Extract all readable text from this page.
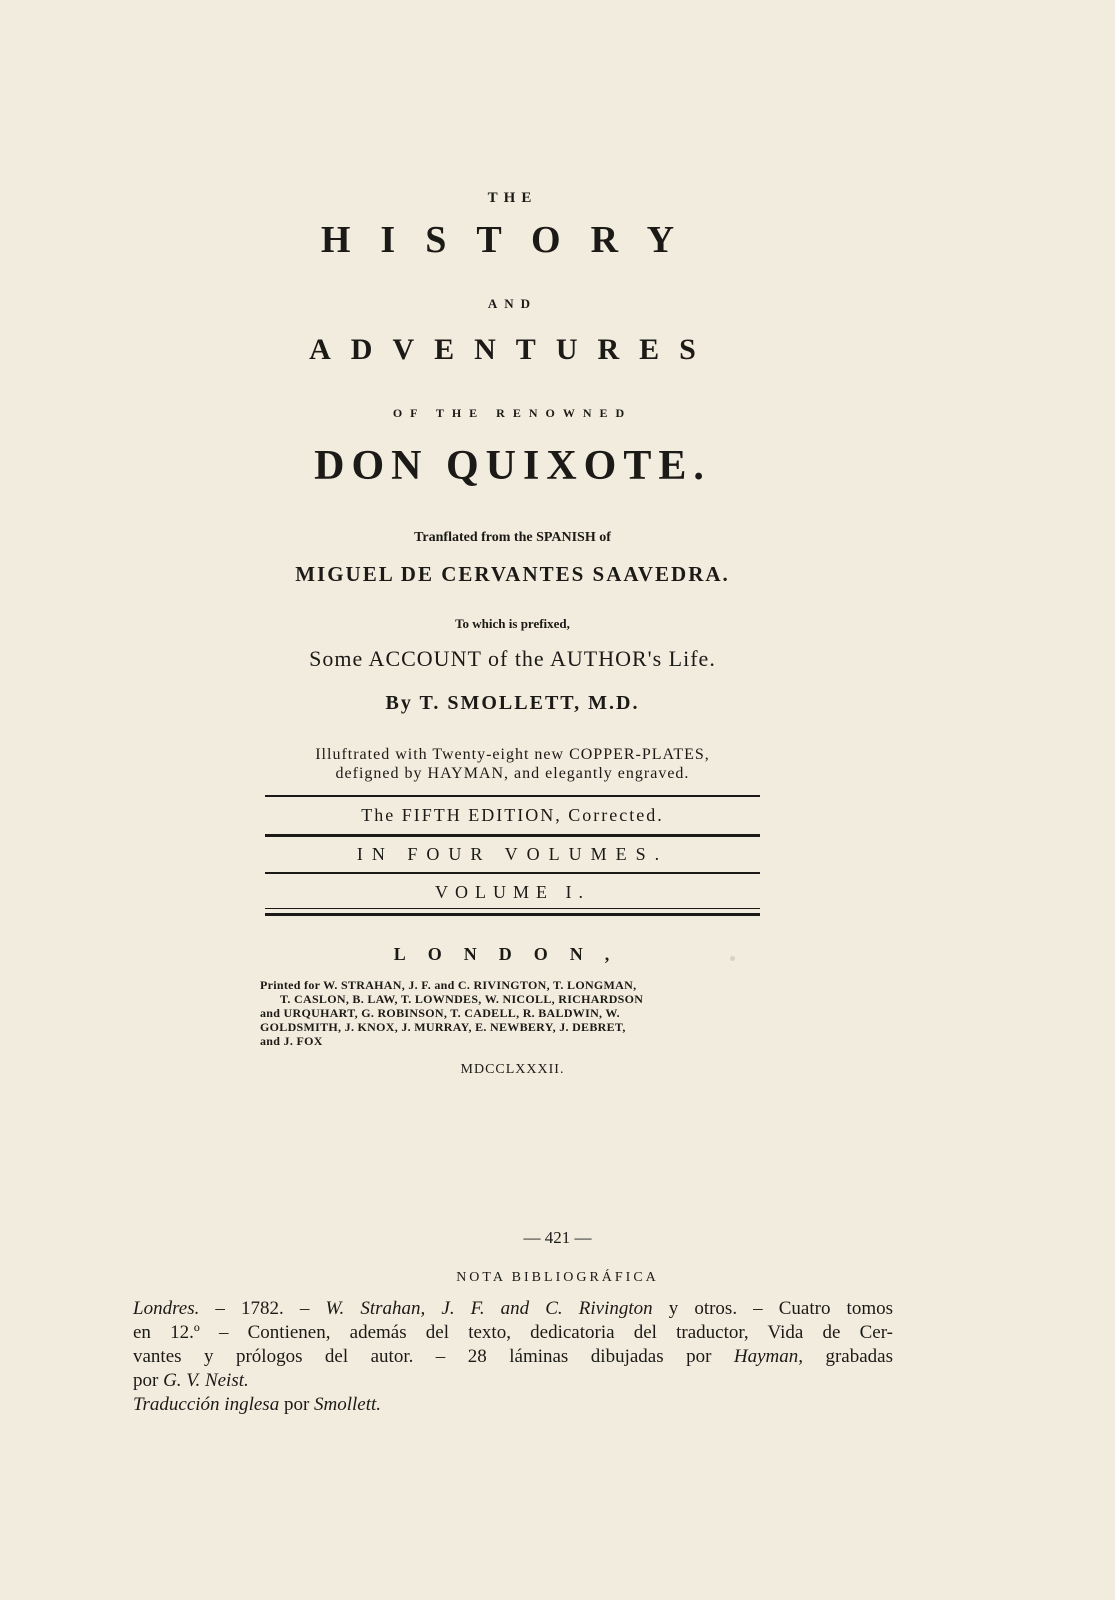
THE
HISTORY
AND
ADVENTURES
OF THE RENOWNED
DON QUIXOTE.
Tranflated from the SPANISH of
MIGUEL DE CERVANTES SAAVEDRA.
To which is prefixed,
Some ACCOUNT of the AUTHOR's Life.
By T. SMOLLETT, M.D.
Illuftrated with Twenty-eight new COPPER-PLATES,
defigned by HAYMAN, and elegantly engraved.
The FIFTH EDITION, Corrected.
IN FOUR VOLUMES.
VOLUME I.
LONDON,
Printed for W. STRAHAN, J. F. and C. RIVINGTON, T. LONGMAN,
T. CASLON, B. LAW, T. LOWNDES, W. NICOLL, RICHARDSON
and URQUHART, G. ROBINSON, T. CADELL, R. BALDWIN, W.
GOLDSMITH, J. KNOX, J. MURRAY, E. NEWBERY, J. DEBRET,
and J. FOX
MDCCLXXXII.
— 421 —
NOTA BIBLIOGRÁFICA
Londres. – 1782. – W. Strahan, J. F. and C. Rivington y otros. – Cuatro tomos
en 12.º – Contienen, además del texto, dedicatoria del traductor, Vida de Cer-
vantes y prólogos del autor. – 28 láminas dibujadas por Hayman, grabadas
por G. V. Neist.
Traducción inglesa por Smollett.
